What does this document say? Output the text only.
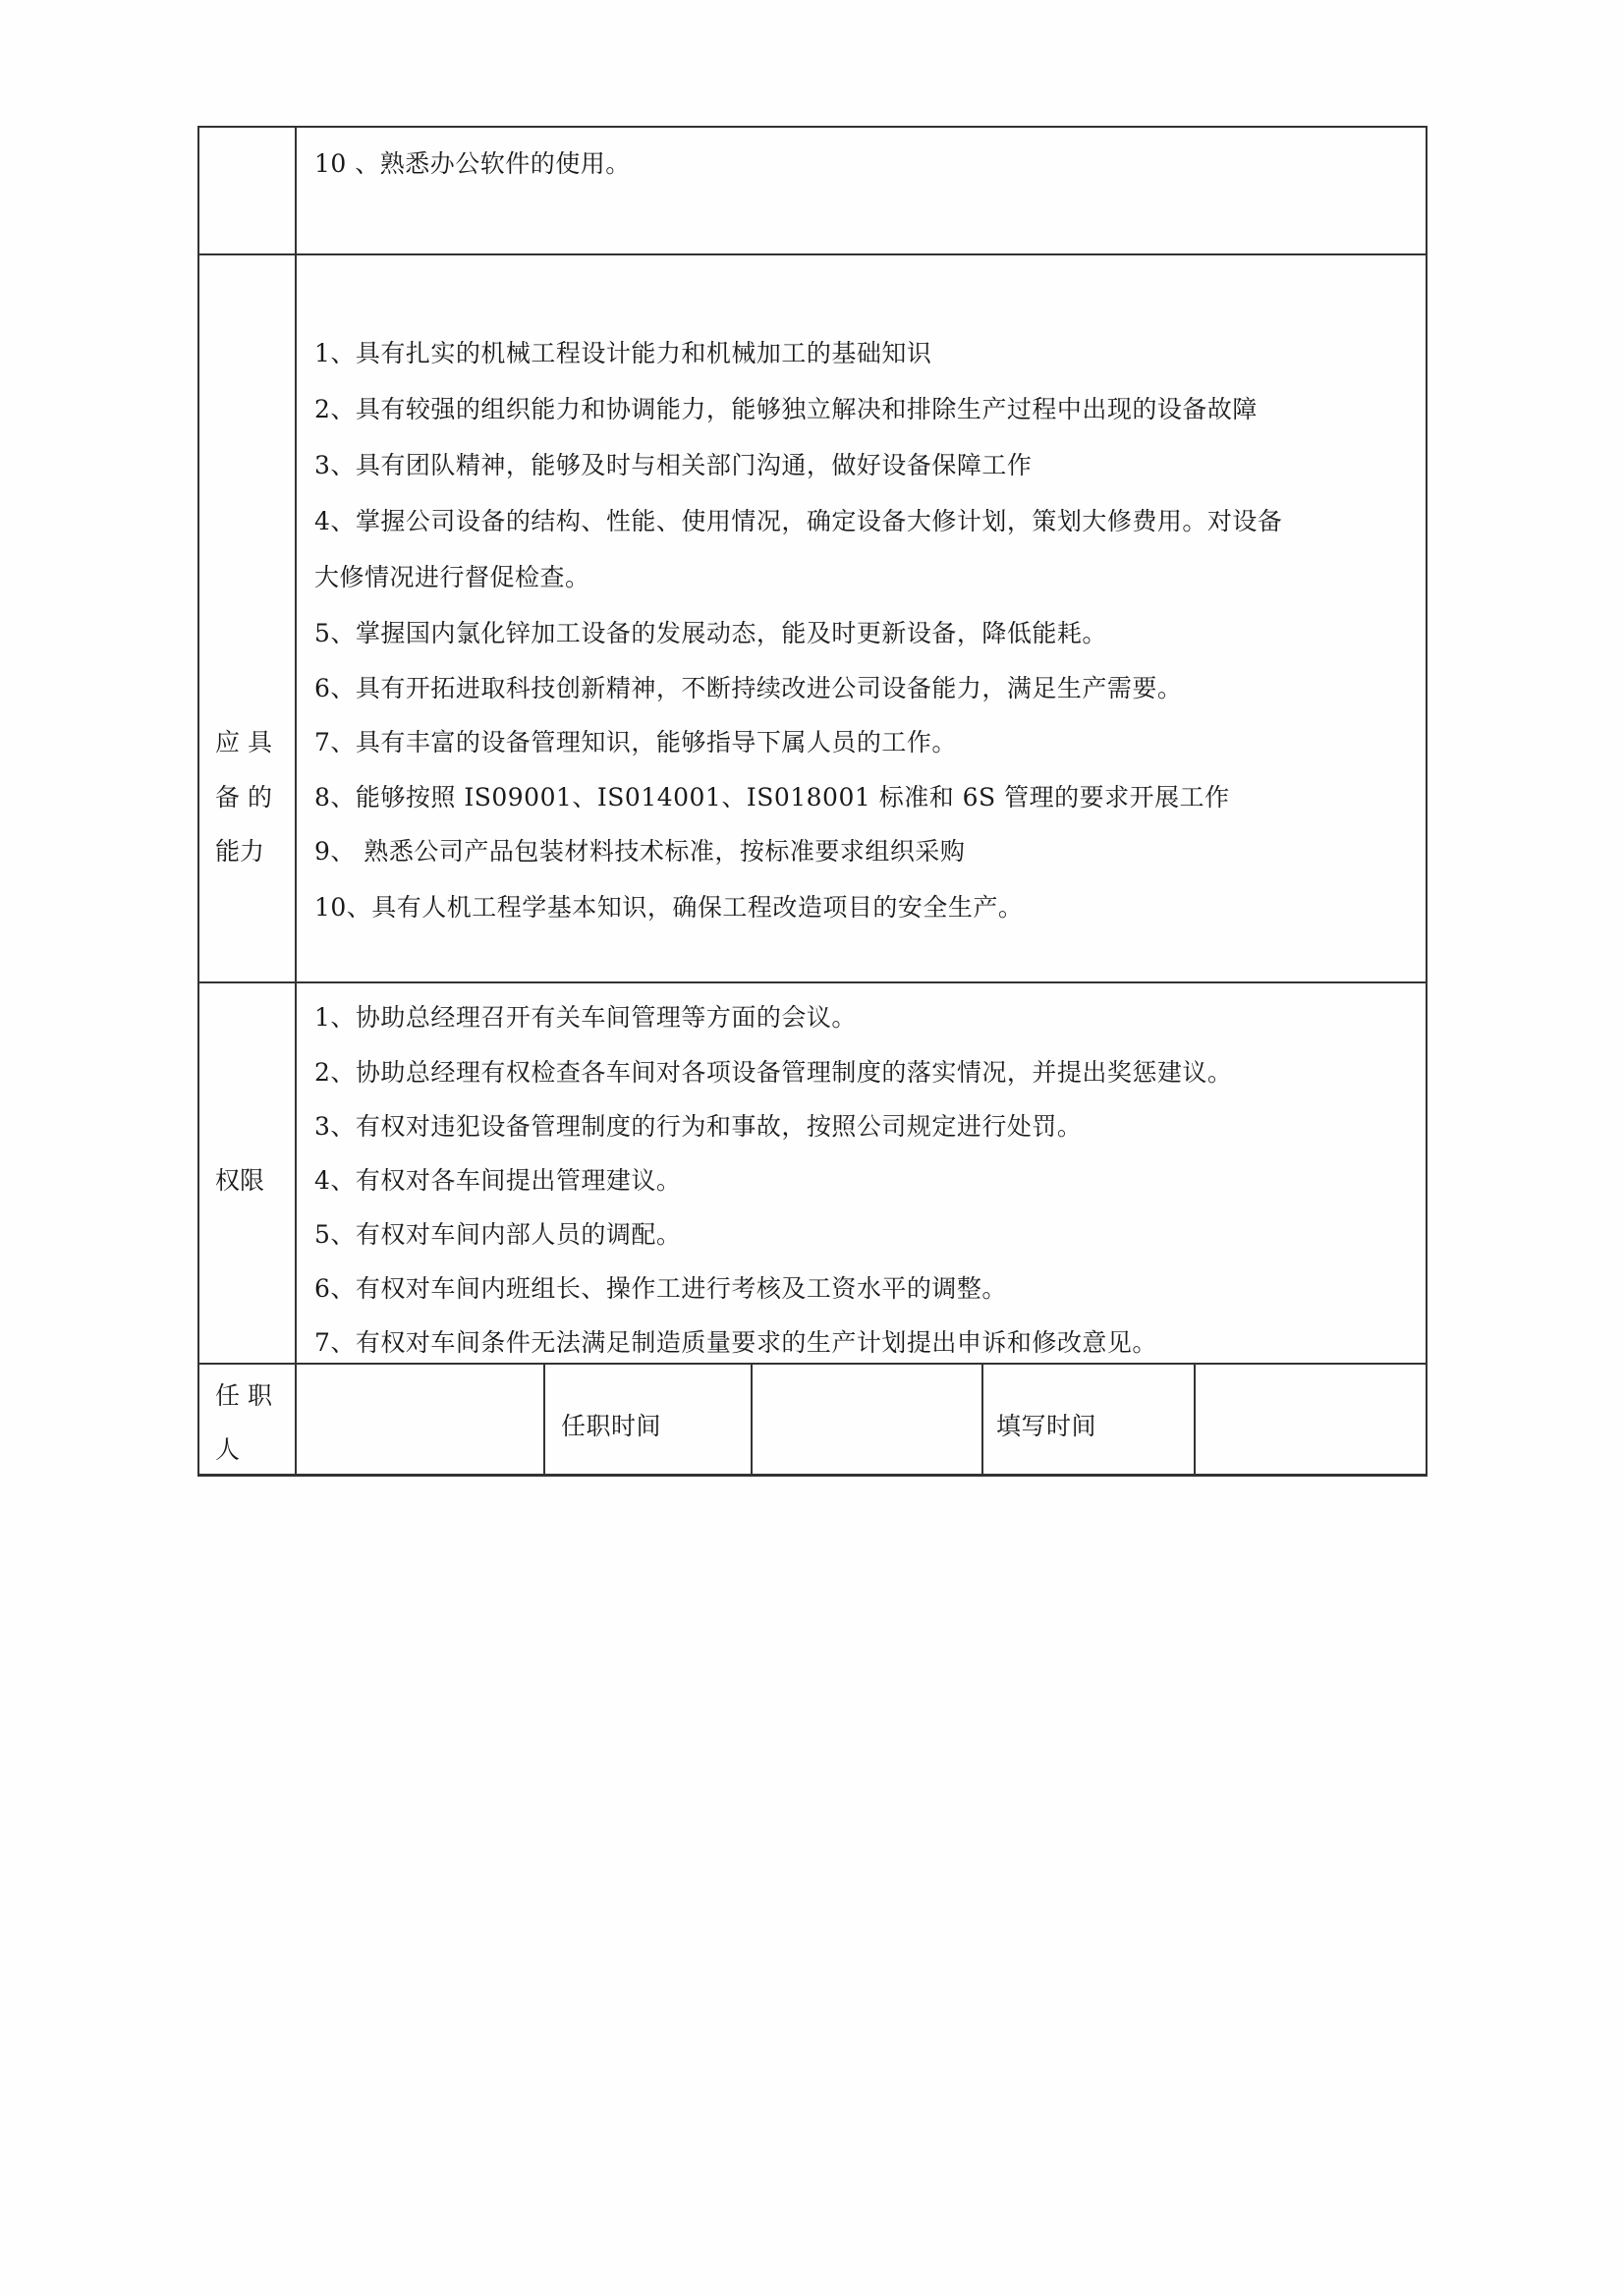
10 、熟悉办公软件的使用。
应 具
备 的
能力
1、具有扎实的机械工程设计能力和机械加工的基础知识
2、具有较强的组织能力和协调能力，能够独立解决和排除生产过程中出现的设备故障
3、具有团队精神，能够及时与相关部门沟通，做好设备保障工作
4、掌握公司设备的结构、性能、使用情况，确定设备大修计划，策划大修费用。对设备
大修情况进行督促检查。
5、掌握国内氯化锌加工设备的发展动态，能及时更新设备，降低能耗。
6、具有开拓进取科技创新精神，不断持续改进公司设备能力，满足生产需要。
7、具有丰富的设备管理知识，能够指导下属人员的工作。
8、能够按照 IS09001、IS014001、IS018001 标准和 6S 管理的要求开展工作
9、 熟悉公司产品包装材料技术标准，按标准要求组织采购
10、具有人机工程学基本知识，确保工程改造项目的安全生产。
权限
1、协助总经理召开有关车间管理等方面的会议。
2、协助总经理有权检查各车间对各项设备管理制度的落实情况，并提出奖惩建议。
3、有权对违犯设备管理制度的行为和事故，按照公司规定进行处罚。
4、有权对各车间提出管理建议。
5、有权对车间内部人员的调配。
6、有权对车间内班组长、操作工进行考核及工资水平的调整。
7、有权对车间条件无法满足制造质量要求的生产计划提出申诉和修改意见。
任 职
人
任职时间	填写时间
